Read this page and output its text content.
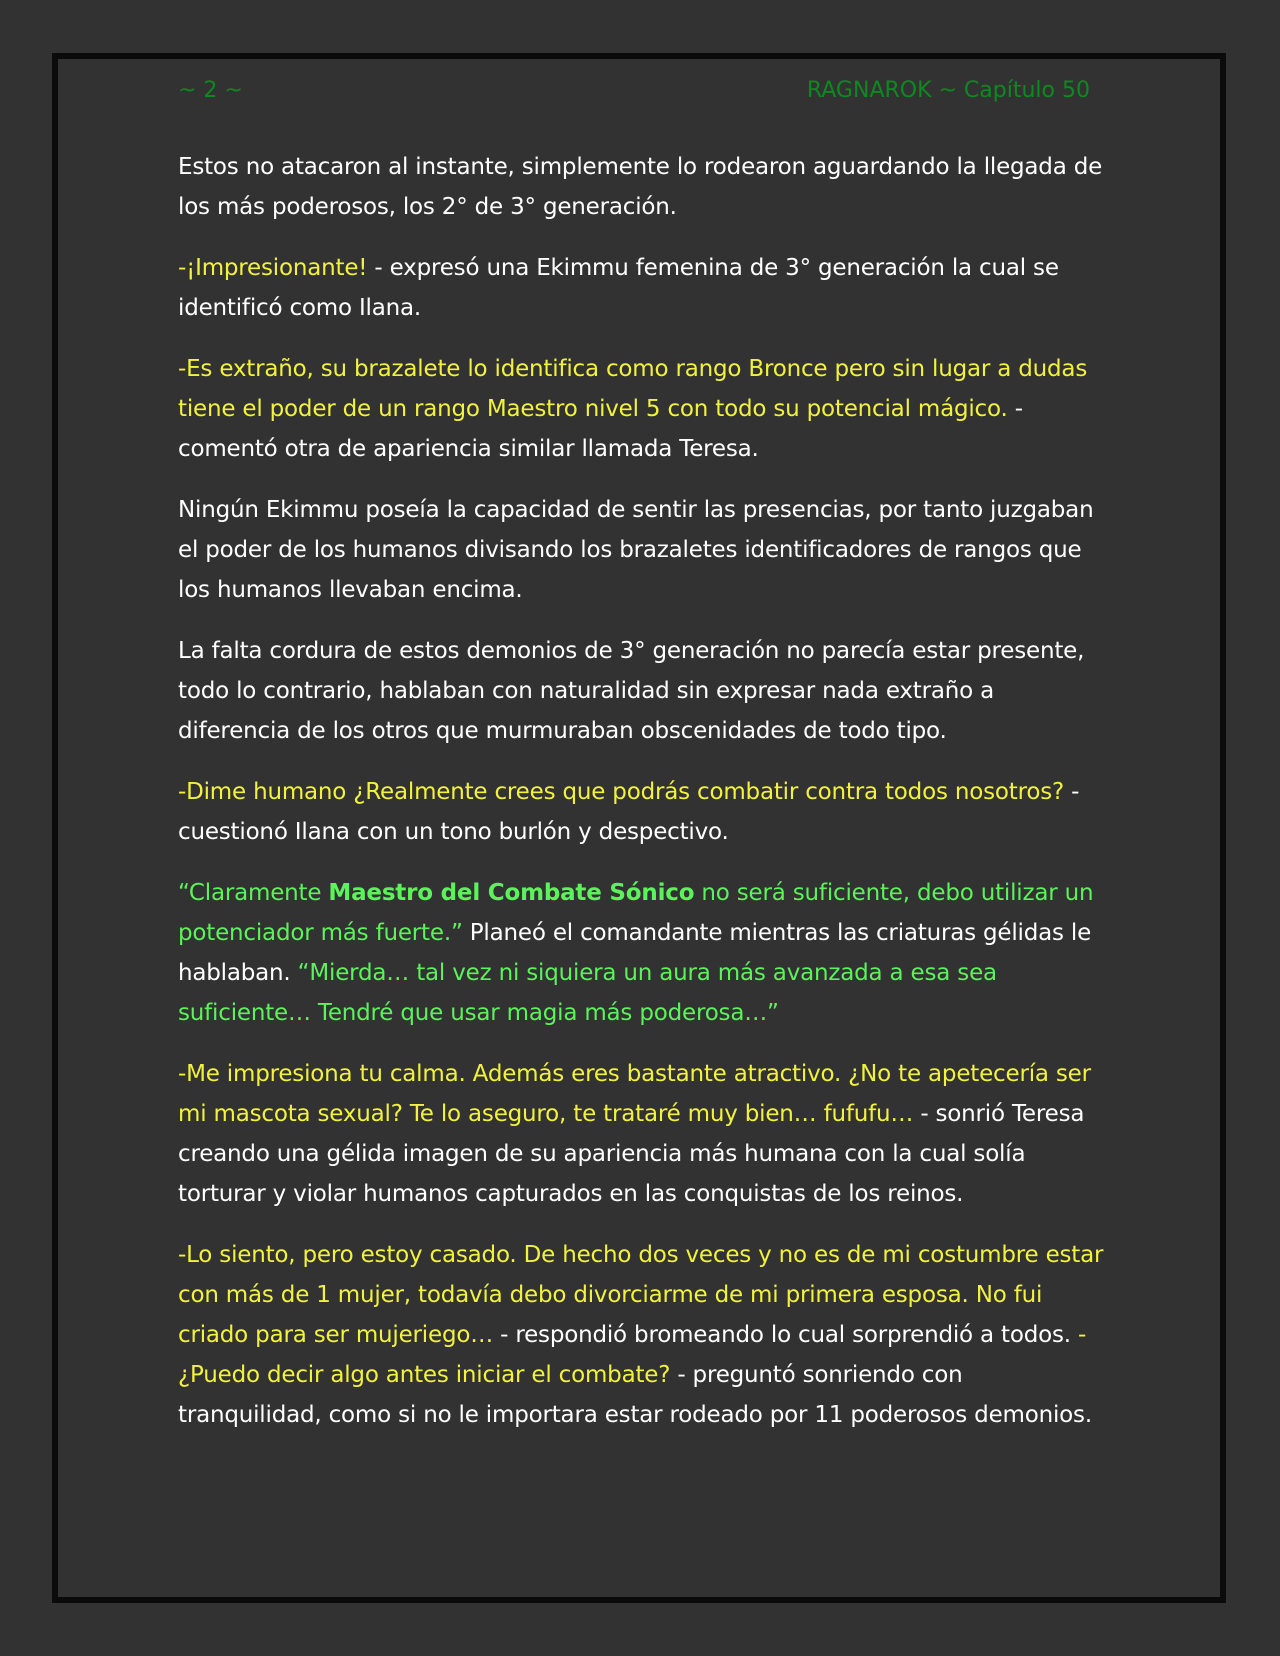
~ 2 ~	RAGNAROK ~ Capítulo 50

Estos no atacaron al instante, simplemente lo rodearon aguardando la llegada de los más poderosos, los 2° de 3° generación.

-¡Impresionante! - expresó una Ekimmu femenina de 3° generación la cual se identificó como Ilana.

-Es extraño, su brazalete lo identifica como rango Bronce pero sin lugar a dudas tiene el poder de un rango Maestro nivel 5 con todo su potencial mágico. - comentó otra de apariencia similar llamada Teresa.

Ningún Ekimmu poseía la capacidad de sentir las presencias, por tanto juzgaban el poder de los humanos divisando los brazaletes identificadores de rangos que los humanos llevaban encima.

La falta cordura de estos demonios de 3° generación no parecía estar presente, todo lo contrario, hablaban con naturalidad sin expresar nada extraño a diferencia de los otros que murmuraban obscenidades de todo tipo.

-Dime humano ¿Realmente crees que podrás combatir contra todos nosotros? - cuestionó Ilana con un tono burlón y despectivo.

“Claramente Maestro del Combate Sónico no será suficiente, debo utilizar un potenciador más fuerte.” Planeó el comandante mientras las criaturas gélidas le hablaban. “Mierda… tal vez ni siquiera un aura más avanzada a esa sea suficiente… Tendré que usar magia más poderosa…”

-Me impresiona tu calma. Además eres bastante atractivo. ¿No te apetecería ser mi mascota sexual? Te lo aseguro, te trataré muy bien… fufufu… - sonrió Teresa creando una gélida imagen de su apariencia más humana con la cual solía torturar y violar humanos capturados en las conquistas de los reinos.

-Lo siento, pero estoy casado. De hecho dos veces y no es de mi costumbre estar con más de 1 mujer, todavía debo divorciarme de mi primera esposa. No fui criado para ser mujeriego… - respondió bromeando lo cual sorprendió a todos. - ¿Puedo decir algo antes iniciar el combate? - preguntó sonriendo con tranquilidad, como si no le importara estar rodeado por 11 poderosos demonios.
